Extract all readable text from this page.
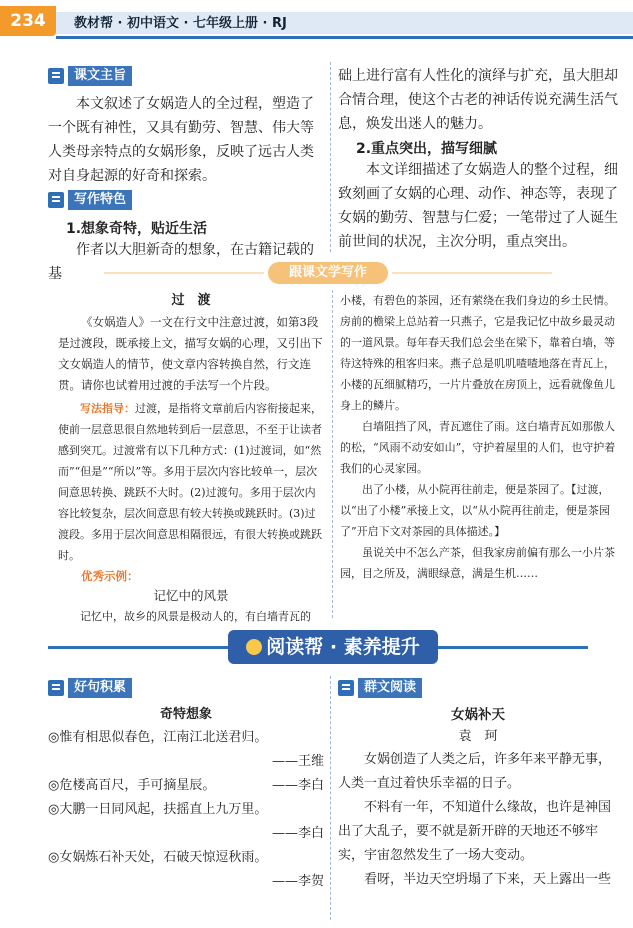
234	教材帮 · 初中语文 · 七年级上册 · RJ
课文主旨

本文叙述了女娲造人的全过程，塑造了一个既有神性，又具有勤劳、智慧、伟大等人类母亲特点的女娲形象，反映了远古人类对自身起源的好奇和探索。

写作特色
1.想象奇特，贴近生活

作者以大胆新奇的想象，在古籍记载的基

础上进行富有人性化的演绎与扩充，虽大胆却合情合理，使这个古老的神话传说充满生活气息，焕发出迷人的魅力。

2.重点突出，描写细腻

本文详细描述了女娲造人的整个过程，细致刻画了女娲的心理、动作、神态等，表现了女娲的勤劳、智慧与仁爱；一笔带过了人诞生前世间的状况，主次分明，重点突出。

跟课文学写作
过　渡

《女娲造人》一文在行文中注意过渡，如第3段是过渡段，既承接上文，描写女娲的心理，又引出下文女娲造人的情节，使文章内容转换自然，行文连贯。请你也试着用过渡的手法写一个片段。

写法指导：过渡，是指将文章前后内容衔接起来，使前一层意思很自然地转到后一层意思，不至于让读者感到突兀。过渡常有以下几种方式：(1)过渡词，如“然而”“但是”“所以”等。多用于层次内容比较单一，层次间意思转换、跳跃不大时。(2)过渡句。多用于层次内容比较复杂，层次间意思有较大转换或跳跃时。(3)过渡段。多用于层次间意思相隔很远，有很大转换或跳跃时。

优秀示例：
记忆中的风景

记忆中，故乡的风景是极动人的，有白墙青瓦的

小楼，有碧色的茶园，还有萦绕在我们身边的乡土民情。房前的檐梁上总站着一只燕子，它是我记忆中故乡最灵动的一道风景。每年春天我们总会坐在梁下，靠着白墙，等待这特殊的租客归来。燕子总是叽叽喳喳地落在青瓦上，小楼的瓦细腻精巧，一片片叠放在房顶上，远看就像鱼儿身上的鳞片。

白墙阻挡了风，青瓦遮住了雨。这白墙青瓦如那傲人的松，“风雨不动安如山”，守护着屋里的人们，也守护着我们的心灵家园。

出了小楼，从小院再往前走，便是茶园了。【过渡，以“出了小楼”承接上文，以“从小院再往前走，便是茶园了”开启下文对茶园的具体描述。】

虽说关中不怎么产茶，但我家房前偏有那么一小片茶园，目之所及，满眼绿意，满是生机……

阅读帮 · 素养提升
好句积累
奇特想象

◎惟有相思似春色，江南江北送君归。

——王维

◎危楼高百尺，手可摘星辰。	——李白

◎大鹏一日同风起，扶摇直上九万里。

——李白

◎女娲炼石补天处，石破天惊逗秋雨。

——李贺

群文阅读
女娲补天
袁　珂

女娲创造了人类之后，许多年来平静无事，人类一直过着快乐幸福的日子。

不料有一年，不知道什么缘故，也许是神国出了大乱子，要不就是新开辟的天地还不够牢实，宇宙忽然发生了一场大变动。

看呀，半边天空坍塌了下来，天上露出一些
